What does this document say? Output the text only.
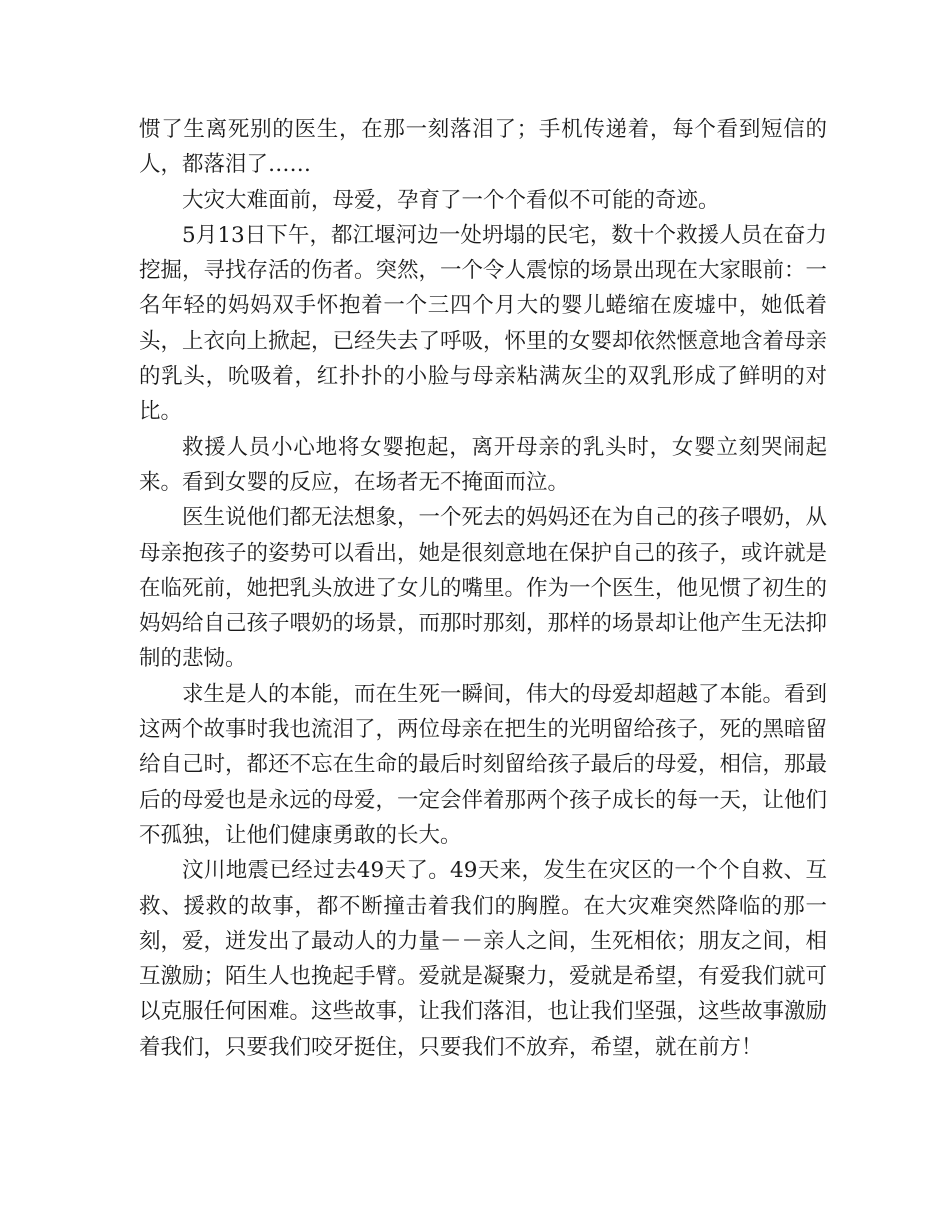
惯了生离死别的医生，在那一刻落泪了；手机传递着，每个看到短信的人，都落泪了……

大灾大难面前，母爱，孕育了一个个看似不可能的奇迹。

5月13日下午，都江堰河边一处坍塌的民宅，数十个救援人员在奋力挖掘，寻找存活的伤者。突然，一个令人震惊的场景出现在大家眼前：一名年轻的妈妈双手怀抱着一个三四个月大的婴儿蜷缩在废墟中，她低着头，上衣向上掀起，已经失去了呼吸，怀里的女婴却依然惬意地含着母亲的乳头，吮吸着，红扑扑的小脸与母亲粘满灰尘的双乳形成了鲜明的对比。

救援人员小心地将女婴抱起，离开母亲的乳头时，女婴立刻哭闹起来。看到女婴的反应，在场者无不掩面而泣。

医生说他们都无法想象，一个死去的妈妈还在为自己的孩子喂奶，从母亲抱孩子的姿势可以看出，她是很刻意地在保护自己的孩子，或许就是在临死前，她把乳头放进了女儿的嘴里。作为一个医生，他见惯了初生的妈妈给自己孩子喂奶的场景，而那时那刻，那样的场景却让他产生无法抑制的悲恸。

求生是人的本能，而在生死一瞬间，伟大的母爱却超越了本能。看到这两个故事时我也流泪了，两位母亲在把生的光明留给孩子，死的黑暗留给自己时，都还不忘在生命的最后时刻留给孩子最后的母爱，相信，那最后的母爱也是永远的母爱，一定会伴着那两个孩子成长的每一天，让他们不孤独，让他们健康勇敢的长大。

汶川地震已经过去49天了。49天来，发生在灾区的一个个自救、互救、援救的故事，都不断撞击着我们的胸膛。在大灾难突然降临的那一刻，爱，迸发出了最动人的力量－－亲人之间，生死相依；朋友之间，相互激励；陌生人也挽起手臂。爱就是凝聚力，爱就是希望，有爱我们就可以克服任何困难。这些故事，让我们落泪，也让我们坚强，这些故事激励着我们，只要我们咬牙挺住，只要我们不放弃，希望，就在前方！
